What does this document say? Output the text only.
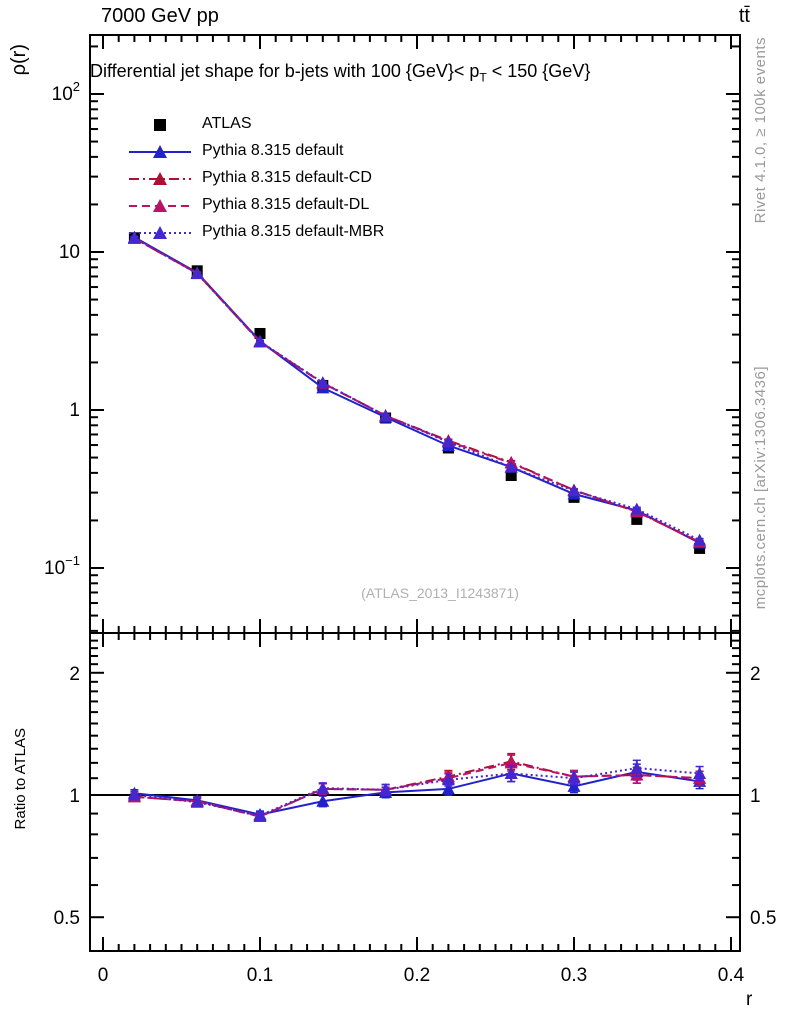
0	0.1	0.2	0.3	0.4
$10^2$
10
1
$10^{-1}$
2	2
1	1
0.5	0.5
7000 GeV pp	tt̄
Differential jet shape for b-jets with 100 $\{GeV\}< p_T < 150$ {GeV}
ρ(r)
Ratio to ATLAS
r
(ATLAS_2013_I1243871)
Rivet 4.1.0, ≥ 100k events
mcplots.cern.ch [arXiv:1306.3436]
ATLAS
Pythia 8.315 default
Pythia 8.315 default-CD
Pythia 8.315 default-DL
Pythia 8.315 default-MBR
